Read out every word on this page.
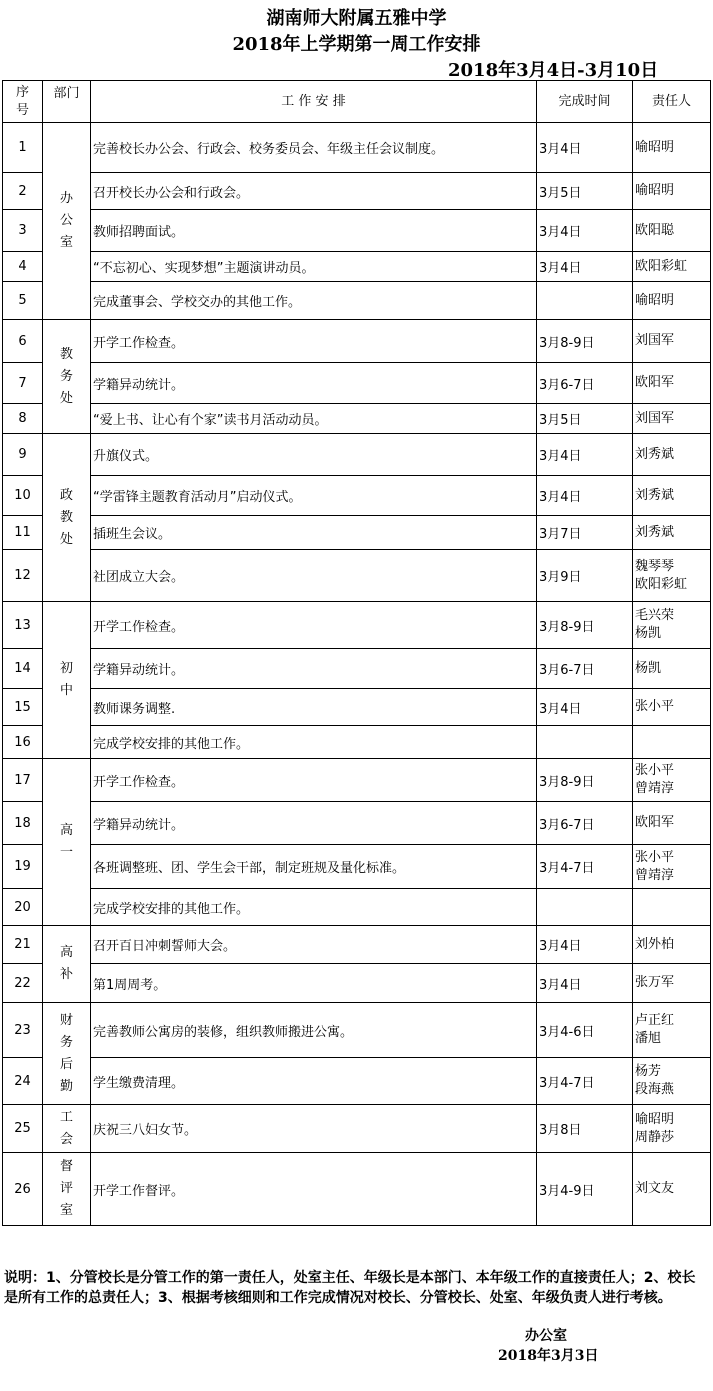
湖南师大附属五雅中学
2018年上学期第一周工作安排
2018年3月4日-3月10日
序号	部门	工 作 安 排	完成时间	责任人
1	办公室	完善校长办公会、行政会、校务委员会、年级主任会议制度。	3月4日	喻昭明

2		召开校长办公会和行政会。	3月5日	喻昭明

3		教师招聘面试。	3月4日	欧阳聪

4		“不忘初心、实现梦想”主题演讲动员。	3月4日	欧阳彩虹

5		完成董事会、学校交办的其他工作。		喻昭明

6	教务处	开学工作检查。	3月8-9日	刘国军

7		学籍异动统计。	3月6-7日	欧阳军

8		“爱上书、让心有个家”读书月活动动员。	3月5日	刘国军

9	政教处	升旗仪式。	3月4日	刘秀斌

10		“学雷锋主题教育活动月”启动仪式。	3月4日	刘秀斌

11		插班生会议。	3月7日	刘秀斌

12		社团成立大会。	3月9日	魏琴琴
欧阳彩虹

13	初中	开学工作检查。	3月8-9日	毛兴荣
杨凯

14		学籍异动统计。	3月6-7日	杨凯

15		教师课务调整.	3月4日	张小平

16		完成学校安排的其他工作。		

17	高一	开学工作检查。	3月8-9日	张小平
曾靖淳

18		学籍异动统计。	3月6-7日	欧阳军

19		各班调整班、团、学生会干部，制定班规及量化标准。	3月4-7日	张小平
曾靖淳

20		完成学校安排的其他工作。		

21	高补	召开百日冲刺誓师大会。	3月4日	刘外柏

22		第1周周考。	3月4日	张万军

23	财务后勤	完善教师公寓房的装修，组织教师搬进公寓。	3月4-6日	卢正红
潘旭

24		学生缴费清理。	3月4-7日	杨芳
段海燕

25	工会	庆祝三八妇女节。	3月8日	喻昭明
周静莎

26	督评室	开学工作督评。	3月4-9日	刘文友
说明：1、分管校长是分管工作的第一责任人，处室主任、年级长是本部门、本年级工作的直接责任人；2、校长是所有工作的总责任人；3、根据考核细则和工作完成情况对校长、分管校长、处室、年级负责人进行考核。
办公室
2018年3月3日
